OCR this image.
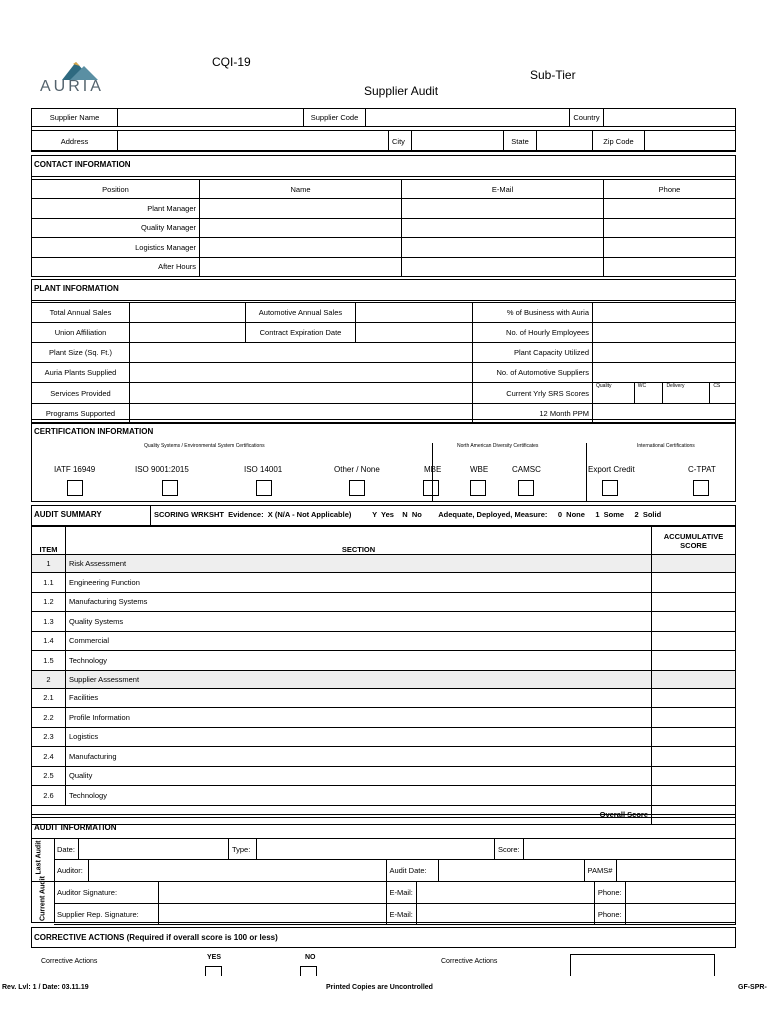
CQI-19
AURIA	Supplier Audit
Sub-Tier
Supplier Name		Supplier Code		Country	
Address		City		State		Zip Code	
CONTACT INFORMATION
Position	Name	E-Mail	Phone
Plant Manager			
Quality Manager			
Logistics Manager			
After Hours			
PLANT INFORMATION
Total Annual Sales		Automotive Annual Sales		% of Business with Auria	
Union Affiliation		Contract Expiration Date		No. of Hourly Employees	
Plant Size (Sq. Ft.)		Plant Capacity Utilized	
Auria Plants Supplied		No. of Automotive Suppliers	
Services Provided		Current Yrly SRS Scores	
Quality	WC	Delivery	CS

Programs Supported		12 Month PPM	
CERTIFICATION INFORMATION
Quality Systems / Environmental System Certifications	North American Diversity Certificates	International Certifications
IATF 16949	ISO 9001:2015	ISO 14001	Other / None	MBE	WBE	CAMSC	Export Credit	C-TPAT
AUDIT SUMMARY	SCORING WRKSHT  Evidence:  X (N/A - Not Applicable)          Y  Yes    N  No        Adequate, Deployed, Measure:     0  None     1  Some     2  Solid
ITEM	SECTION	ACCUMULATIVE SCORE
1	Risk Assessment	
1.1	Engineering Function	
1.2	Manufacturing Systems	
1.3	Quality Systems	
1.4	Commercial	
1.5	Technology	
2	Supplier Assessment	
2.1	Facilities	
2.2	Profile Information	
2.3	Logistics	
2.4	Manufacturing	
2.5	Quality	
2.6	Technology	
	Overall Score	
AUDIT INFORMATION
Last Audit
Current Audit
Date:		Type:		Score:	
Auditor:		Audit Date:		PAMS#	
Auditor Signature:		E-Mail:		Phone:	
Supplier Rep. Signature:		E-Mail:		Phone:	
CORRECTIVE ACTIONS (Required if overall score is 100 or less)
YES	NO
Corrective Actions	Corrective Actions
Rev. Lvl: 1 / Date: 03.11.19	Printed Copies are Uncontrolled	GF-SPR-
